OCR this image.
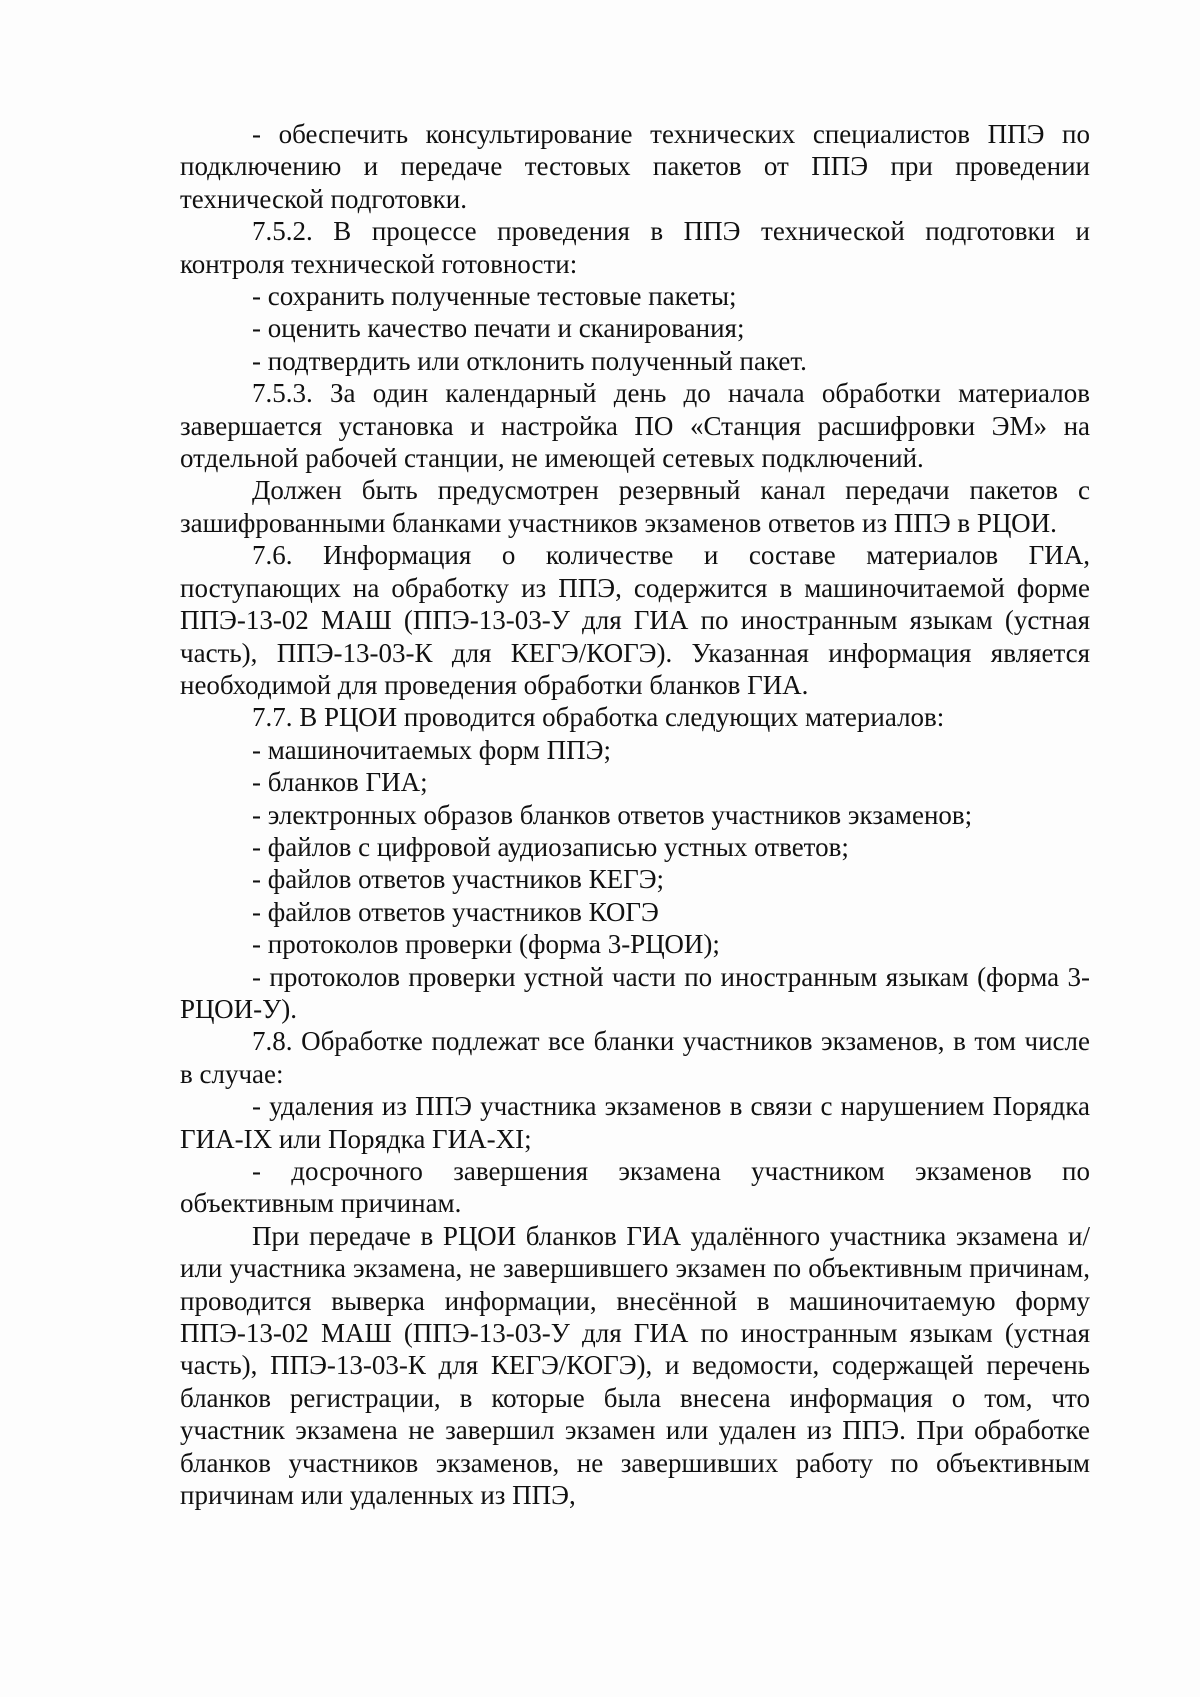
- обеспечить консультирование технических специалистов ППЭ по подключению и передаче тестовых пакетов от ППЭ при проведении технической подготовки.

7.5.2. В процессе проведения в ППЭ технической подготовки и контроля технической готовности:

- сохранить полученные тестовые пакеты;

- оценить качество печати и сканирования;

- подтвердить или отклонить полученный пакет.

7.5.3. За один календарный день до начала обработки материалов завершается установка и настройка ПО «Станция расшифровки ЭМ» на отдельной рабочей станции, не имеющей сетевых подключений.

Должен быть предусмотрен резервный канал передачи пакетов с зашифрованными бланками участников экзаменов ответов из ППЭ в РЦОИ.

7.6. Информация о количестве и составе материалов ГИА, поступающих на обработку из ППЭ, содержится в машиночитаемой форме ППЭ-13-02 МАШ (ППЭ-13-03-У для ГИА по иностранным языкам (устная часть), ППЭ-13-03-К для КЕГЭ/КОГЭ). Указанная информация является необходимой для проведения обработки бланков ГИА.

7.7. В РЦОИ проводится обработка следующих материалов:

- машиночитаемых форм ППЭ;

- бланков ГИА;

- электронных образов бланков ответов участников экзаменов;

- файлов с цифровой аудиозаписью устных ответов;

- файлов ответов участников КЕГЭ;

- файлов ответов участников КОГЭ

- протоколов проверки (форма 3-РЦОИ);

- протоколов проверки устной части по иностранным языкам (форма 3-РЦОИ-У).

7.8. Обработке подлежат все бланки участников экзаменов, в том числе в случае:

- удаления из ППЭ участника экзаменов в связи с нарушением Порядка ГИА-IX или Порядка ГИА-XI;

- досрочного завершения экзамена участником экзаменов по объективным причинам.

При передаче в РЦОИ бланков ГИА удалённого участника экзамена и/или участника экзамена, не завершившего экзамен по объективным причинам, проводится выверка информации, внесённой в машиночитаемую форму ППЭ-13-02 МАШ (ППЭ-13-03-У для ГИА по иностранным языкам (устная часть), ППЭ-13-03-К для КЕГЭ/КОГЭ), и ведомости, содержащей перечень бланков регистрации, в которые была внесена информация о том, что участник экзамена не завершил экзамен или удален из ППЭ. При обработке бланков участников экзаменов, не завершивших работу по объективным причинам или удаленных из ППЭ,
